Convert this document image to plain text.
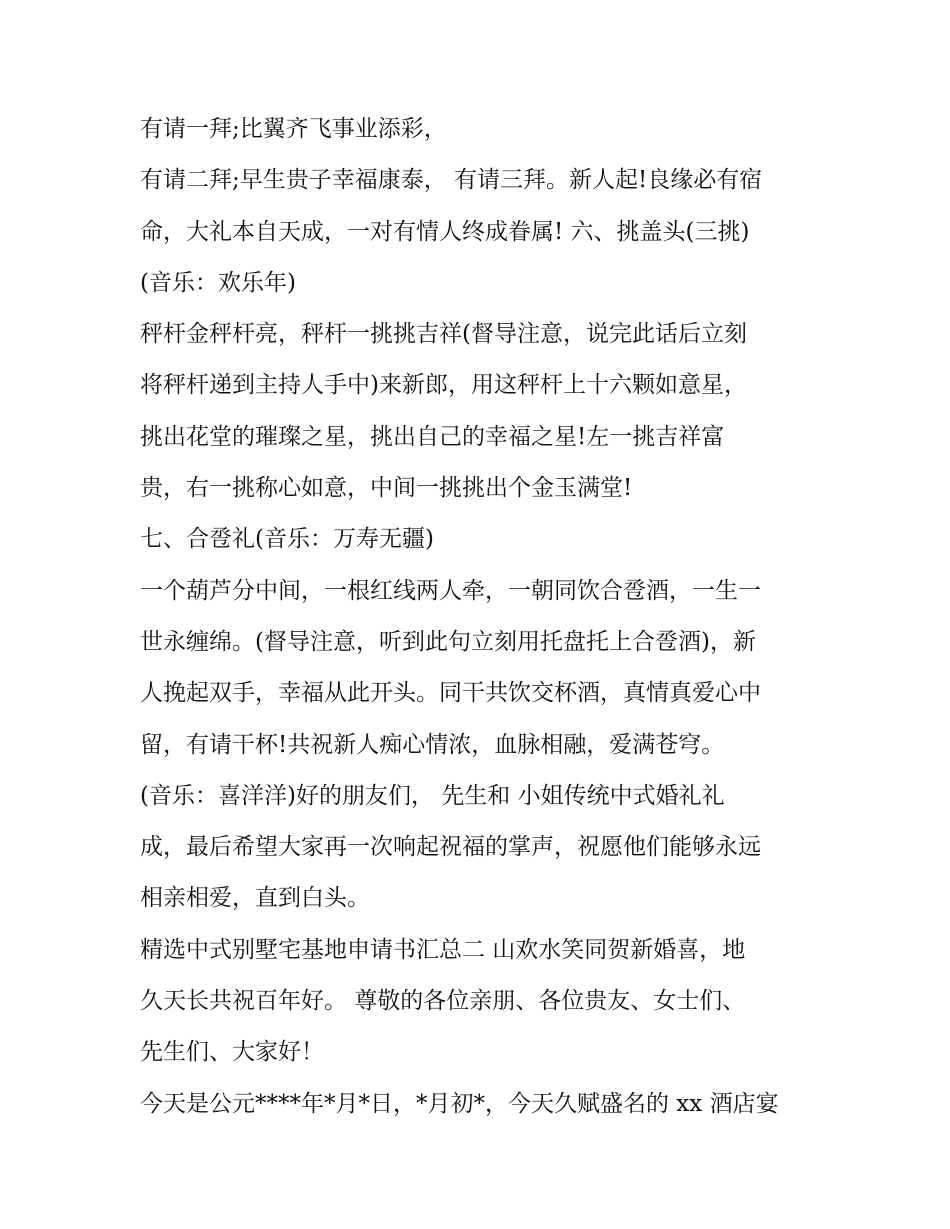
有请一拜;比翼齐飞事业添彩，
有请二拜;早生贵子幸福康泰， 有请三拜。新人起!良缘必有宿
命，大礼本自天成，一对有情人终成眷属! 六、挑盖头(三挑)
(音乐：欢乐年)
秤杆金秤杆亮，秤杆一挑挑吉祥(督导注意，说完此话后立刻
将秤杆递到主持人手中)来新郎，用这秤杆上十六颗如意星，
挑出花堂的璀璨之星，挑出自己的幸福之星!左一挑吉祥富
贵，右一挑称心如意，中间一挑挑出个金玉满堂!
七、合卺礼(音乐：万寿无疆)
一个葫芦分中间，一根红线两人牵，一朝同饮合卺酒，一生一
世永缠绵。(督导注意，听到此句立刻用托盘托上合卺酒)，新
人挽起双手，幸福从此开头。同干共饮交杯酒，真情真爱心中
留，有请干杯!共祝新人痴心情浓，血脉相融，爱满苍穹。
(音乐：喜洋洋)好的朋友们， 先生和 小姐传统中式婚礼礼
成，最后希望大家再一次响起祝福的掌声，祝愿他们能够永远
相亲相爱，直到白头。
精选中式别墅宅基地申请书汇总二 山欢水笑同贺新婚喜，地
久天长共祝百年好。 尊敬的各位亲朋、各位贵友、女士们、
先生们、大家好！
今天是公元****年*月*日，*月初*，今天久赋盛名的 xx 酒店宴
